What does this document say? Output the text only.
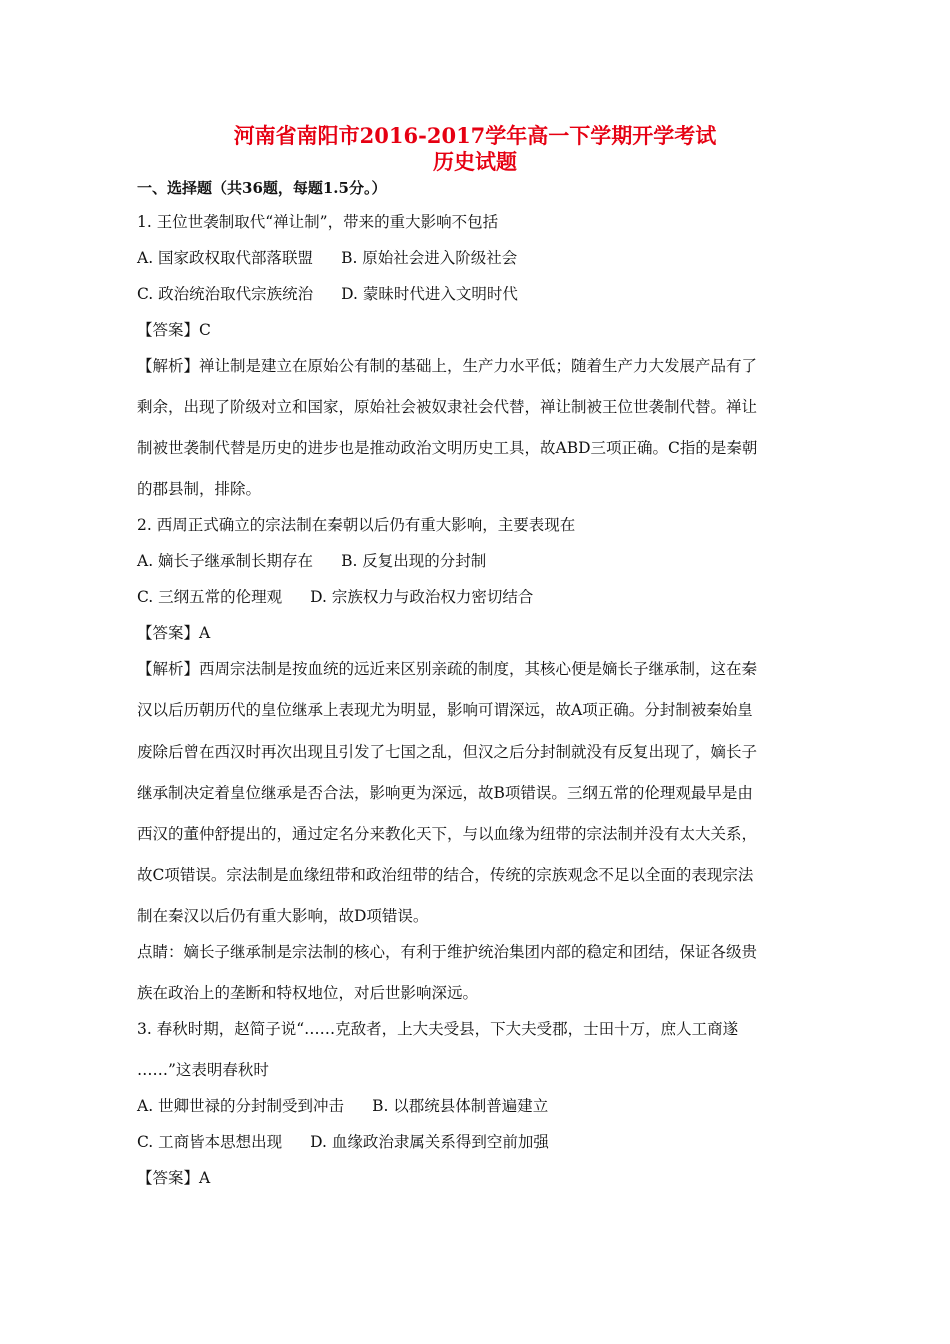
河南省南阳市2016-2017学年高一下学期开学考试
历史试题
一、选择题（共36题，每题1.5分。）
1. 王位世袭制取代“禅让制”，带来的重大影响不包括
A. 国家政权取代部落联盟 B. 原始社会进入阶级社会
C. 政治统治取代宗族统治 D. 蒙昧时代进入文明时代
【答案】C
【解析】禅让制是建立在原始公有制的基础上，生产力水平低；随着生产力大发展产品有了
剩余，出现了阶级对立和国家，原始社会被奴隶社会代替，禅让制被王位世袭制代替。禅让
制被世袭制代替是历史的进步也是推动政治文明历史工具，故ABD三项正确。C指的是秦朝
的郡县制，排除。
2. 西周正式确立的宗法制在秦朝以后仍有重大影响，主要表现在
A. 嫡长子继承制长期存在 B. 反复出现的分封制
C. 三纲五常的伦理观 D. 宗族权力与政治权力密切结合
【答案】A
【解析】西周宗法制是按血统的远近来区别亲疏的制度，其核心便是嫡长子继承制，这在秦
汉以后历朝历代的皇位继承上表现尤为明显，影响可谓深远，故A项正确。分封制被秦始皇
废除后曾在西汉时再次出现且引发了七国之乱，但汉之后分封制就没有反复出现了，嫡长子
继承制决定着皇位继承是否合法，影响更为深远，故B项错误。三纲五常的伦理观最早是由
西汉的董仲舒提出的，通过定名分来教化天下，与以血缘为纽带的宗法制并没有太大关系，
故C项错误。宗法制是血缘纽带和政治纽带的结合，传统的宗族观念不足以全面的表现宗法
制在秦汉以后仍有重大影响，故D项错误。
点睛：嫡长子继承制是宗法制的核心，有利于维护统治集团内部的稳定和团结，保证各级贵
族在政治上的垄断和特权地位，对后世影响深远。
3. 春秋时期，赵简子说“……克敌者，上大夫受县，下大夫受郡，士田十万，庶人工商遂
……”这表明春秋时
A. 世卿世禄的分封制受到冲击 B. 以郡统县体制普遍建立
C. 工商皆本思想出现 D. 血缘政治隶属关系得到空前加强
【答案】A
